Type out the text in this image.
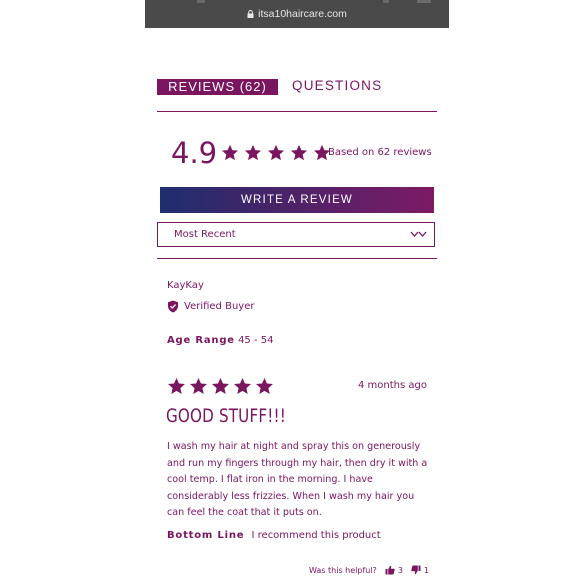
itsa10haircare.com
REVIEWS (62)	QUESTIONS
4.9	Based on 62 reviews
WRITE A REVIEW
Most Recent
KayKay
Verified Buyer
Age Range 45 - 54
4 months ago
GOOD STUFF!!!
I wash my hair at night and spray this on generously and run my fingers through my hair, then dry it with a cool temp. I flat iron in the morning. I have considerably less frizzies. When I wash my hair you can feel the coat that it puts on.
Bottom Line I recommend this product
Was this helpful?	3	1
